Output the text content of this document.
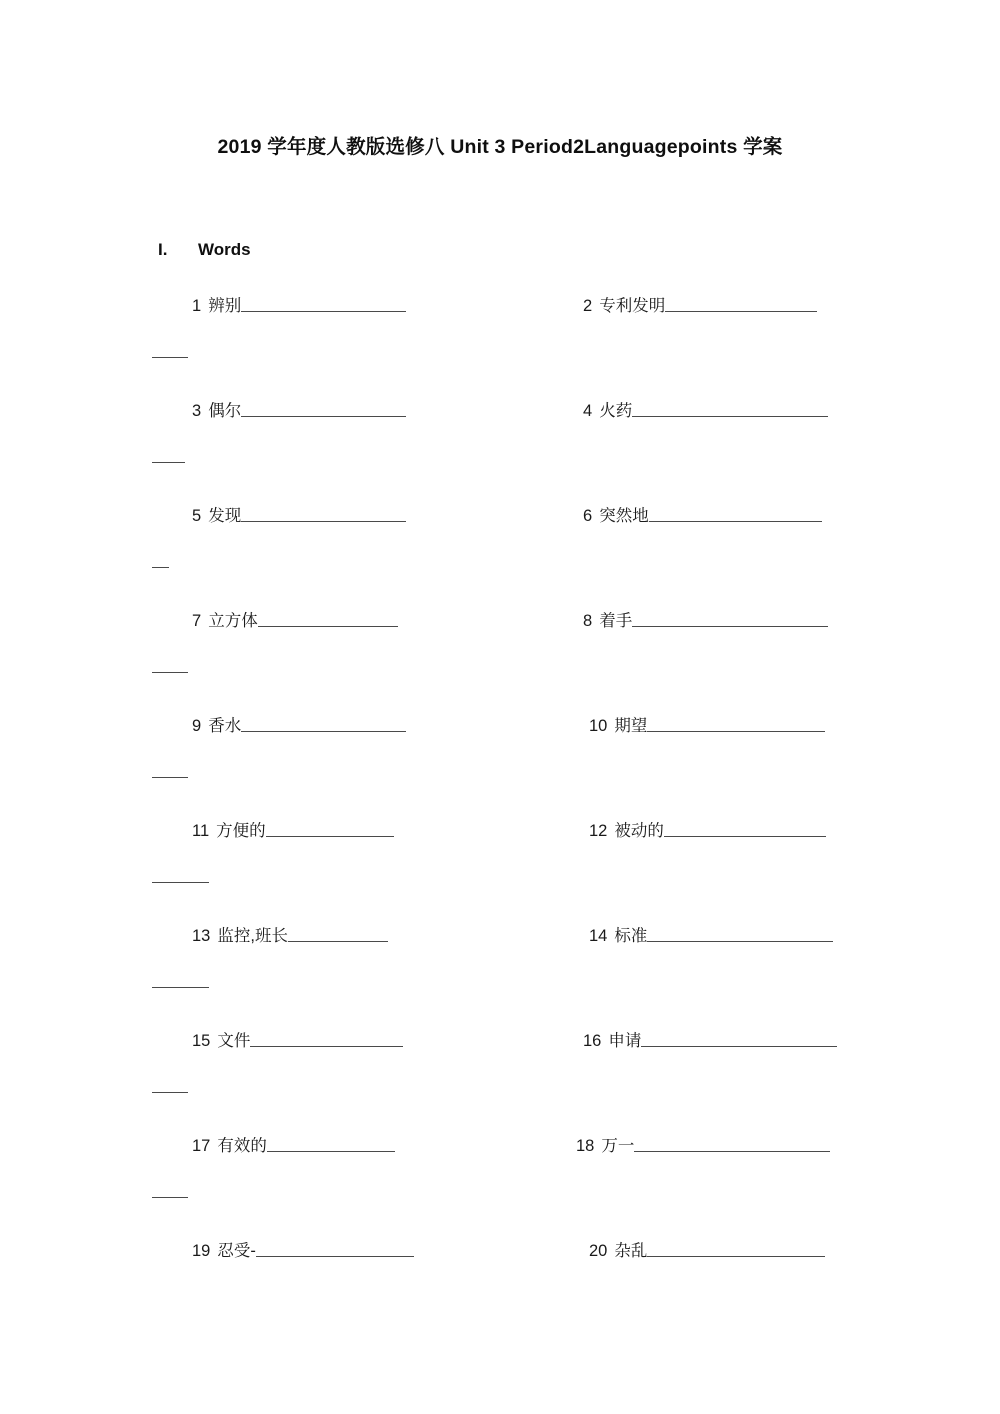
2019 学年度人教版选修八 Unit 3 Period2Languagepoints 学案
I. Words
1 辨别	2 专利发明
3 偶尔	4 火药
5 发现	6 突然地
7 立方体	8 着手
9 香水	10 期望
11 方便的	12 被动的
13 监控,班长	14 标准
15 文件	16 申请
17 有效的	18 万一
19 忍受-	20 杂乱
